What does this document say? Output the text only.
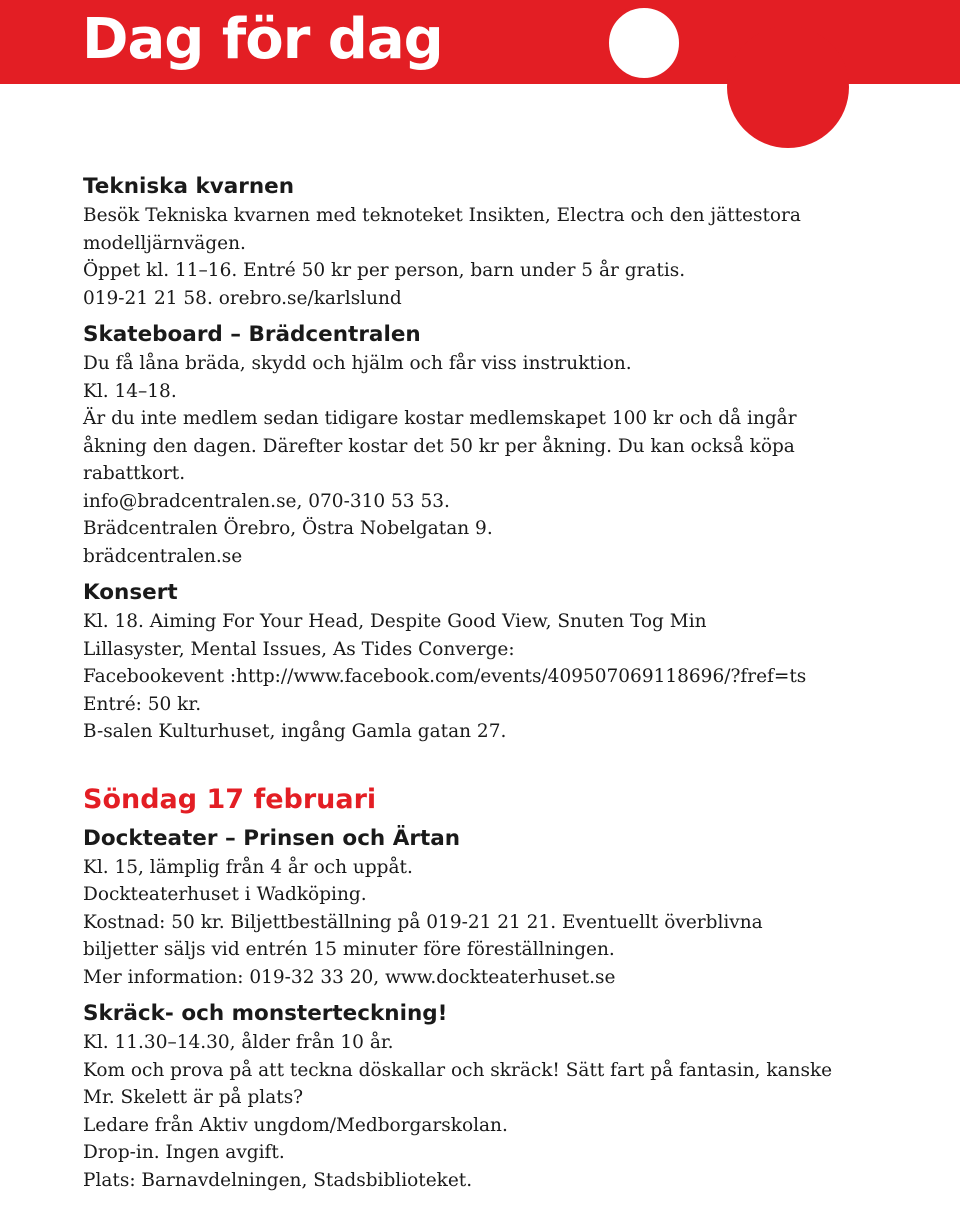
Dag för dag
Tekniska kvarnen

Besök Tekniska kvarnen med teknoteket Insikten, Electra och den jättestora

modelljärnvägen.

Öppet kl. 11–16. Entré 50 kr per person, barn under 5 år gratis.

019-21 21 58. orebro.se/karlslund

Skateboard – Brädcentralen

Du få låna bräda, skydd och hjälm och får viss instruktion.

Kl. 14–18.

Är du inte medlem sedan tidigare kostar medlemskapet 100 kr och då ingår

åkning den dagen. Därefter kostar det 50 kr per åkning. Du kan också köpa

rabattkort.

info@bradcentralen.se, 070-310 53 53.

Brädcentralen Örebro, Östra Nobelgatan 9.

brädcentralen.se

Konsert

Kl. 18. Aiming For Your Head, Despite Good View, Snuten Tog Min

Lillasyster, Mental Issues, As Tides Converge:

Facebookevent :http://www.facebook.com/events/409507069118696/?fref=ts

Entré: 50 kr.

B-salen Kulturhuset, ingång Gamla gatan 27.

Söndag 17 februari
Dockteater – Prinsen och Ärtan

Kl. 15, lämplig från 4 år och uppåt.

Dockteaterhuset i Wadköping.

Kostnad: 50 kr. Biljettbeställning på 019-21 21 21. Eventuellt överblivna

biljetter säljs vid entrén 15 minuter före föreställningen.

Mer information: 019-32 33 20, www.dockteaterhuset.se

Skräck- och monsterteckning!

Kl. 11.30–14.30, ålder från 10 år.

Kom och prova på att teckna döskallar och skräck! Sätt fart på fantasin, kanske

Mr. Skelett är på plats?

Ledare från Aktiv ungdom/Medborgarskolan.

Drop-in. Ingen avgift.

Plats: Barnavdelningen, Stadsbiblioteket.
